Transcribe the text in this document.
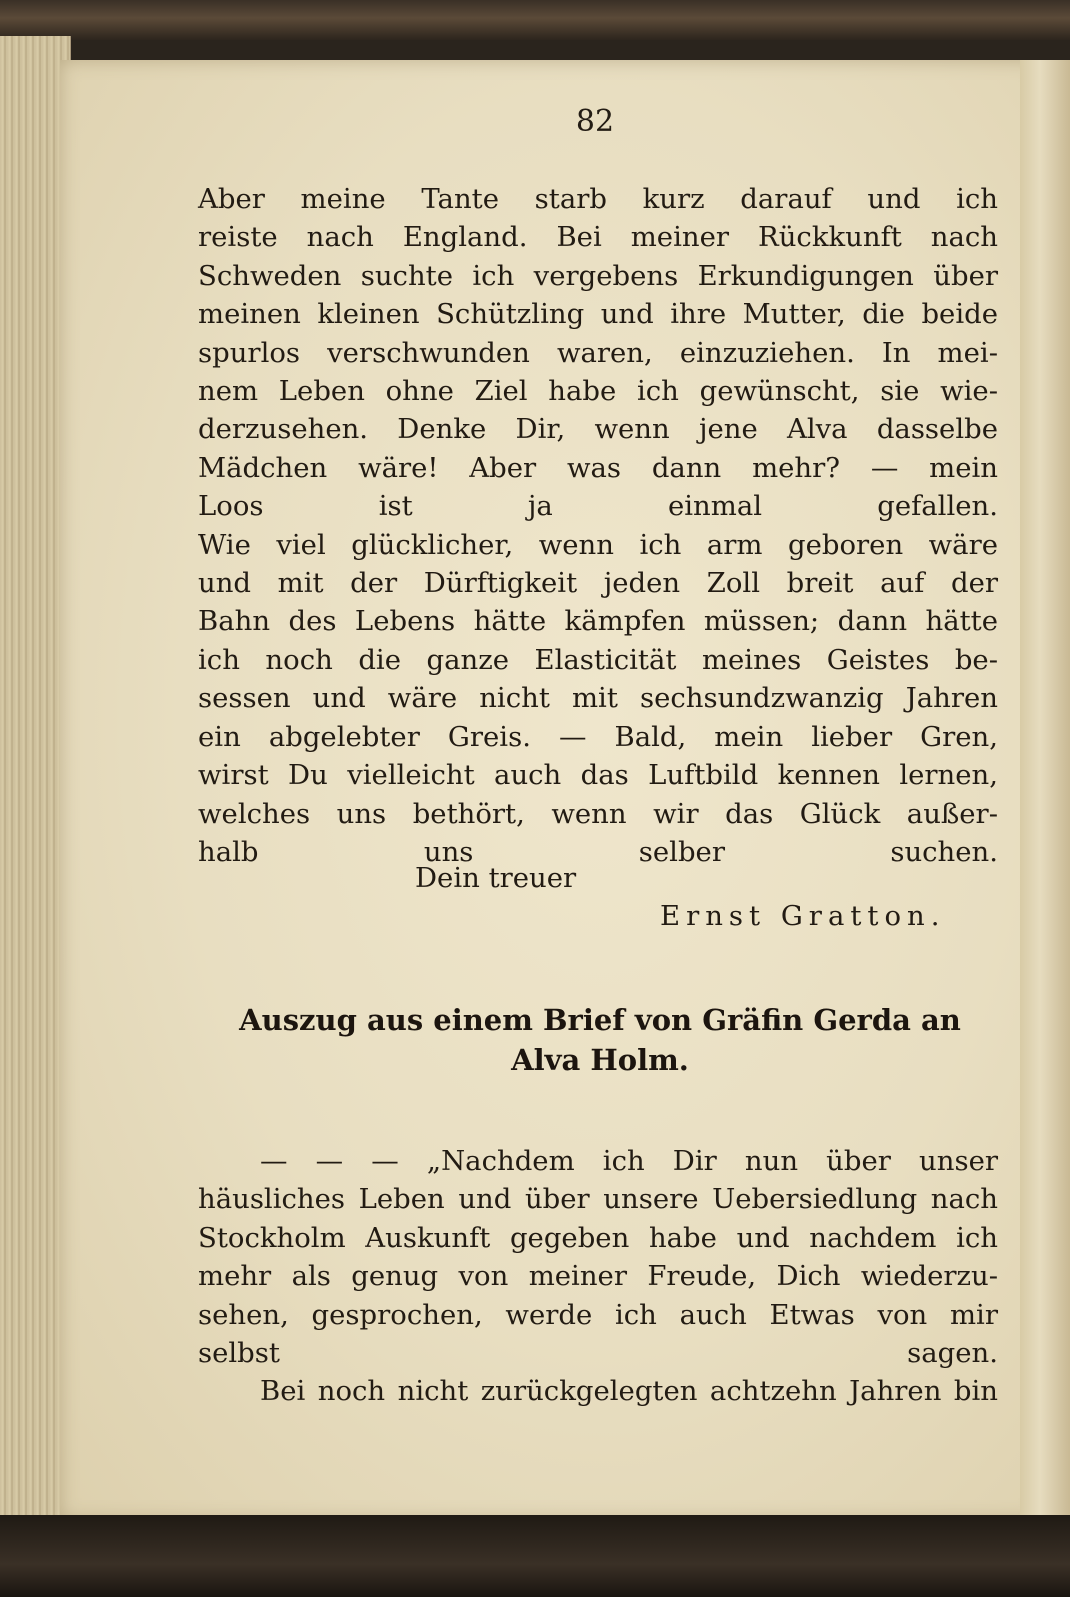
82

Aber meine Tante starb kurz darauf und ich
reiste nach England. Bei meiner Rückkunft nach
Schweden suchte ich vergebens Erkundigungen über
meinen kleinen Schützling und ihre Mutter, die beide
spurlos verschwunden waren, einzuziehen. In mei-
nem Leben ohne Ziel habe ich gewünscht, sie wie-
derzusehen. Denke Dir, wenn jene Alva dasselbe
Mädchen wäre! Aber was dann mehr? — mein
Loos ist ja einmal gefallen.

Wie viel glücklicher, wenn ich arm geboren wäre
und mit der Dürftigkeit jeden Zoll breit auf der
Bahn des Lebens hätte kämpfen müssen; dann hätte
ich noch die ganze Elasticität meines Geistes be-
sessen und wäre nicht mit sechsundzwanzig Jahren
ein abgelebter Greis. — Bald, mein lieber Gren,
wirst Du vielleicht auch das Luftbild kennen lernen,
welches uns bethört, wenn wir das Glück außer-
halb uns selber suchen.

Dein treuer
Ernst Gratton.
Auszug aus einem Brief von Gräfin Gerda an
Alva Holm.

— — — „Nachdem ich Dir nun über unser

häusliches Leben und über unsere Uebersiedlung nach
Stockholm Auskunft gegeben habe und nachdem ich
mehr als genug von meiner Freude, Dich wiederzu-
sehen, gesprochen, werde ich auch Etwas von mir
selbst sagen.

Bei noch nicht zurückgelegten achtzehn Jahren bin
